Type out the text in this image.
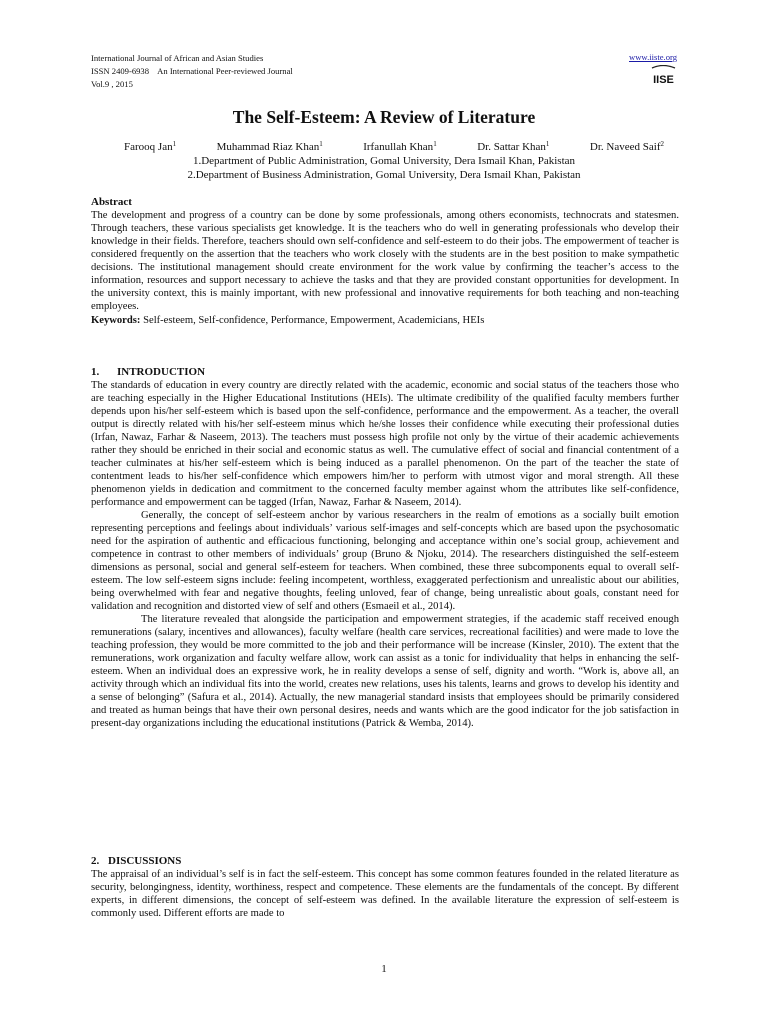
International Journal of African and Asian Studies
ISSN 2409-6938 An International Peer-reviewed Journal
Vol.9 , 2015
www.iiste.org
IISE
The Self-Esteem: A Review of Literature
Farooq Jan$^1$	Muhammad Riaz Khan$^1$	Irfanullah Khan$^1$	Dr. Sattar Khan$^1$	Dr. Naveed Saif$^2$
1.Department of Public Administration, Gomal University, Dera Ismail Khan, Pakistan
2.Department of Business Administration, Gomal University, Dera Ismail Khan, Pakistan
Abstract

The development and progress of a country can be done by some professionals, among others economists, technocrats and statesmen. Through teachers, these various specialists get knowledge. It is the teachers who do well in generating professionals who develop their knowledge in their fields. Therefore, teachers should own self-confidence and self-esteem to do their jobs. The empowerment of teacher is considered frequently on the assertion that the teachers who work closely with the students are in the best position to make sympathetic decisions. The institutional management should create environment for the work value by confirming the teacher’s access to the information, resources and support necessary to achieve the tasks and that they are provided constant opportunities for development. In the university context, this is mainly important, with new professional and innovative requirements for both teaching and non-teaching employees.

Keywords: Self-esteem, Self-confidence, Performance, Empowerment, Academicians, HEIs

1. INTRODUCTION

The standards of education in every country are directly related with the academic, economic and social status of the teachers those who are teaching especially in the Higher Educational Institutions (HEIs). The ultimate credibility of the qualified faculty members further depends upon his/her self-esteem which is based upon the self-confidence, performance and the empowerment. As a teacher, the overall output is directly related with his/her self-esteem minus which he/she losses their confidence while executing their professional duties (Irfan, Nawaz, Farhar & Naseem, 2013). The teachers must possess high profile not only by the virtue of their academic achievements rather they should be enriched in their social and economic status as well. The cumulative effect of social and financial contentment of a teacher culminates at his/her self-esteem which is being induced as a parallel phenomenon. On the part of the teacher the state of contentment leads to his/her self-confidence which empowers him/her to perform with utmost vigor and moral strength. All these phenomenon yields in dedication and commitment to the concerned faculty member against whom the attributes like self-confidence, performance and empowerment can be tagged (Irfan, Nawaz, Farhar & Naseem, 2014).

Generally, the concept of self-esteem anchor by various researchers in the realm of emotions as a socially built emotion representing perceptions and feelings about individuals’ various self-images and self-concepts which are based upon the psychosomatic need for the aspiration of authentic and efficacious functioning, belonging and acceptance within one’s social group, achievement and competence in contrast to other members of individuals’ group (Bruno & Njoku, 2014). The researchers distinguished the self-esteem dimensions as personal, social and general self-esteem for teachers. When combined, these three subcomponents equal to overall self-esteem. The low self-esteem signs include: feeling incompetent, worthless, exaggerated perfectionism and unrealistic about our abilities, being overwhelmed with fear and negative thoughts, feeling unloved, fear of change, being unrealistic about goals, constant need for validation and recognition and distorted view of self and others (Esmaeil et al., 2014).

The literature revealed that alongside the participation and empowerment strategies, if the academic staff received enough remunerations (salary, incentives and allowances), faculty welfare (health care services, recreational facilities) and were made to love the teaching profession, they would be more committed to the job and their performance will be increase (Kinsler, 2010). The extent that the remunerations, work organization and faculty welfare allow, work can assist as a tonic for individuality that helps in enhancing the self-esteem. When an individual does an expressive work, he in reality develops a sense of self, dignity and worth. “Work is, above all, an activity through which an individual fits into the world, creates new relations, uses his talents, learns and grows to develop his identity and a sense of belonging” (Safura et al., 2014). Actually, the new managerial standard insists that employees should be primarily considered and treated as human beings that have their own personal desires, needs and wants which are the good indicator for the job satisfaction in present-day organizations including the educational institutions (Patrick & Wemba, 2014).

2. DISCUSSIONS

The appraisal of an individual’s self is in fact the self-esteem. This concept has some common features founded in the related literature as security, belongingness, identity, worthiness, respect and competence. These elements are the fundamentals of the concept. By different experts, in different dimensions, the concept of self-esteem was defined. In the available literature the expression of self-esteem is commonly used. Different efforts are made to

1
